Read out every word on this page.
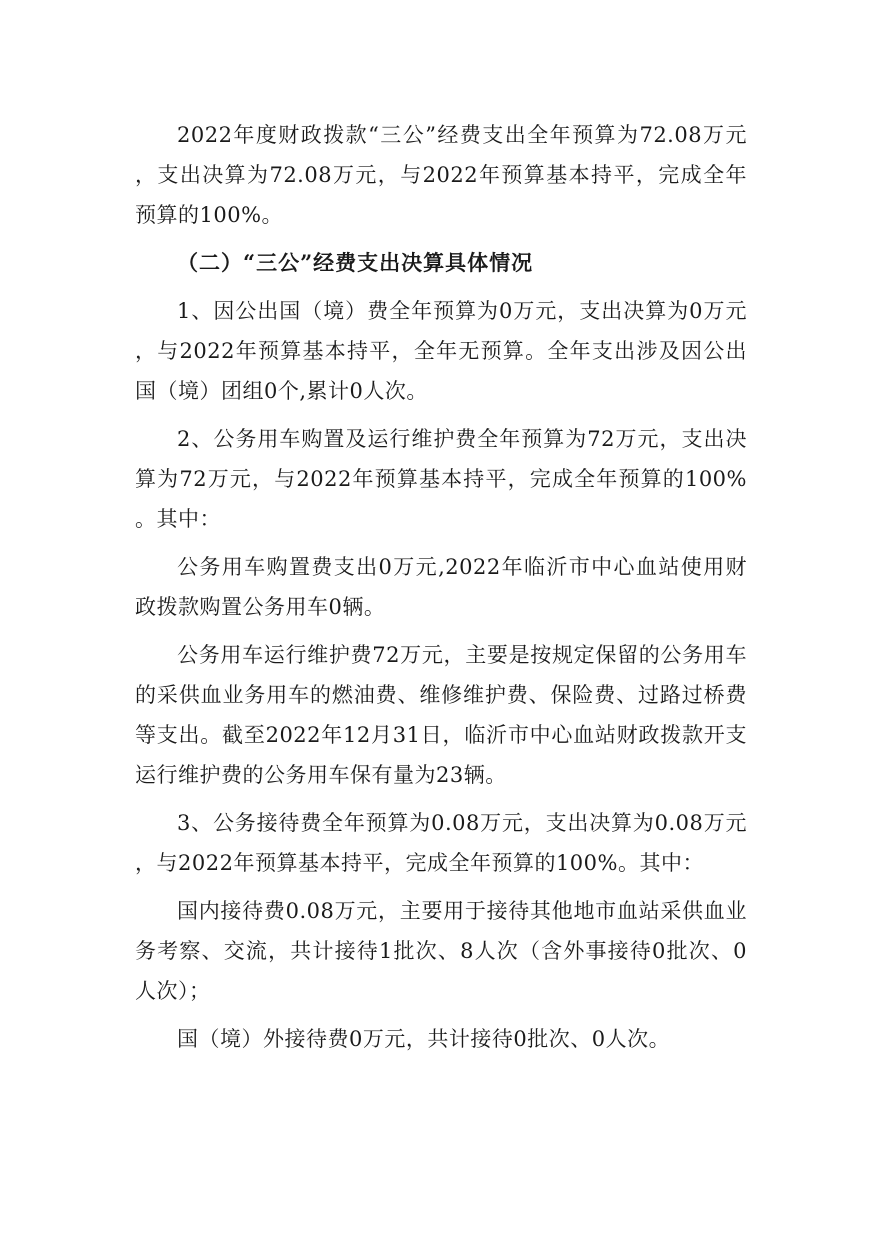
2022年度财政拨款“三公”经费支出全年预算为72.08万元，支出决算为72.08万元，与2022年预算基本持平，完成全年预算的100%。

（二）“三公”经费支出决算具体情况

1、因公出国（境）费全年预算为0万元，支出决算为0万元，与2022年预算基本持平，全年无预算。全年支出涉及因公出国（境）团组0个,累计0人次。

2、公务用车购置及运行维护费全年预算为72万元，支出决算为72万元，与2022年预算基本持平，完成全年预算的100%。其中：

公务用车购置费支出0万元,2022年临沂市中心血站使用财政拨款购置公务用车0辆。

公务用车运行维护费72万元，主要是按规定保留的公务用车的采供血业务用车的燃油费、维修维护费、保险费、过路过桥费等支出。截至2022年12月31日，临沂市中心血站财政拨款开支运行维护费的公务用车保有量为23辆。

3、公务接待费全年预算为0.08万元，支出决算为0.08万元，与2022年预算基本持平，完成全年预算的100%。其中：

国内接待费0.08万元，主要用于接待其他地市血站采供血业务考察、交流，共计接待1批次、8人次（含外事接待0批次、0人次）；

国（境）外接待费0万元，共计接待0批次、0人次。
